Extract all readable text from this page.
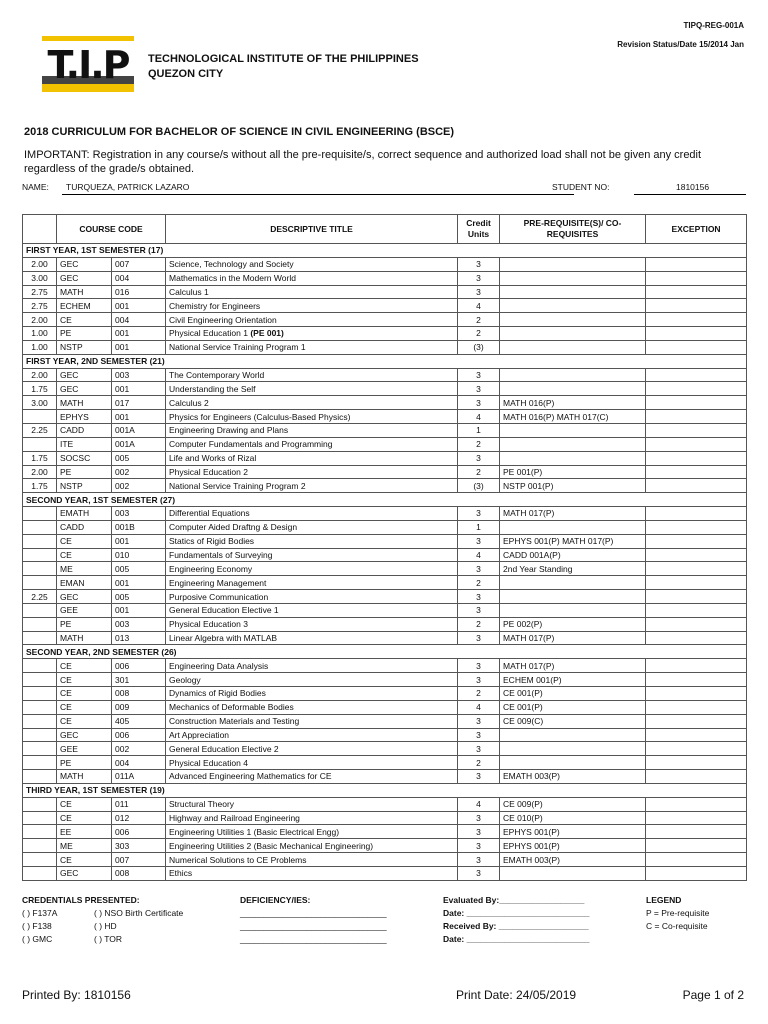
TIPQ-REG-001A
Revision Status/Date 15/2014 Jan
T.I.P TECHNOLOGICAL INSTITUTE OF THE PHILIPPINES
QUEZON CITY
2018 CURRICULUM FOR BACHELOR OF SCIENCE IN CIVIL ENGINEERING (BSCE)
IMPORTANT: Registration in any course/s without all the pre-requisite/s, correct sequence and authorized load shall not be given any credit regardless of the grade/s obtained.
NAME: TURQUEZA, PATRICK LAZARO	STUDENT NO:	1810156
	COURSE CODE		DESCRIPTIVE TITLE	Credit Units	PRE-REQUISITE(S)/ CO-REQUISITES	EXCEPTION
FIRST YEAR, 1ST SEMESTER (17)						
2.00	GEC	007	Science, Technology and Society	3		
3.00	GEC	004	Mathematics in the Modern World	3		
2.75	MATH	016	Calculus 1	3		
2.75	ECHEM	001	Chemistry for Engineers	4		
2.00	CE	004	Civil Engineering Orientation	2		
1.00	PE	001	Physical Education 1 (PE 001)	2		
1.00	NSTP	001	National Service Training Program 1	(3)		
FIRST YEAR, 2ND SEMESTER (21)						
2.00	GEC	003	The Contemporary World	3		
1.75	GEC	001	Understanding the Self	3		
3.00	MATH	017	Calculus 2	3	MATH 016(P)	
	EPHYS	001	Physics for Engineers (Calculus-Based Physics)	4	MATH 016(P) MATH 017(C)	
2.25	CADD	001A	Engineering Drawing and Plans	1		
	ITE	001A	Computer Fundamentals and Programming	2		
1.75	SOCSC	005	Life and Works of Rizal	3		
2.00	PE	002	Physical Education 2	2	PE 001(P)	
1.75	NSTP	002	National Service Training Program 2	(3)	NSTP 001(P)	
SECOND YEAR, 1ST SEMESTER (27)						
	EMATH	003	Differential Equations	3	MATH 017(P)	
	CADD	001B	Computer Aided Draftng & Design	1		
	CE	001	Statics of Rigid Bodies	3	EPHYS 001(P) MATH 017(P)	
	CE	010	Fundamentals of Surveying	4	CADD 001A(P)	
	ME	005	Engineering Economy	3	2nd Year Standing	
	EMAN	001	Engineering Management	2		
2.25	GEC	005	Purposive Communication	3		
	GEE	001	General Education Elective 1	3		
	PE	003	Physical Education 3	2	PE 002(P)	
	MATH	013	Linear Algebra with MATLAB	3	MATH 017(P)	
SECOND YEAR, 2ND SEMESTER (26)						
	CE	006	Engineering Data Analysis	3	MATH 017(P)	
	CE	301	Geology	3	ECHEM 001(P)	
	CE	008	Dynamics of Rigid Bodies	2	CE 001(P)	
	CE	009	Mechanics of Deformable Bodies	4	CE 001(P)	
	CE	405	Construction Materials and Testing	3	CE 009(C)	
	GEC	006	Art Appreciation	3		
	GEE	002	General Education Elective 2	3		
	PE	004	Physical Education 4	2		
	MATH	011A	Advanced Engineering Mathematics for CE	3	EMATH 003(P)	
THIRD YEAR, 1ST SEMESTER (19)						
	CE	011	Structural Theory	4	CE 009(P)	
	CE	012	Highway and Railroad Engineering	3	CE 010(P)	
	EE	006	Engineering Utilities 1 (Basic Electrical Engg)	3	EPHYS 001(P)	
	ME	303	Engineering Utilities 2 (Basic Mechanical Engineering)	3	EPHYS 001(P)	
	CE	007	Numerical Solutions to CE Problems	3	EMATH 003(P)	
	GEC	008	Ethics	3		
CREDENTIALS PRESENTED:
( ) F137A
( ) F138
( ) GMC
( ) NSO Birth Certificate
( ) HD
( ) TOR
DEFICIENCY/IES:
_______________________________
_______________________________
_______________________________
Evaluated By:__________________
Date: __________________________
Received By: ___________________
Date: __________________________
LEGEND
P = Pre-requisite
C = Co-requisite
Printed By: 1810156	Print Date: 24/05/2019	Page 1 of 2
